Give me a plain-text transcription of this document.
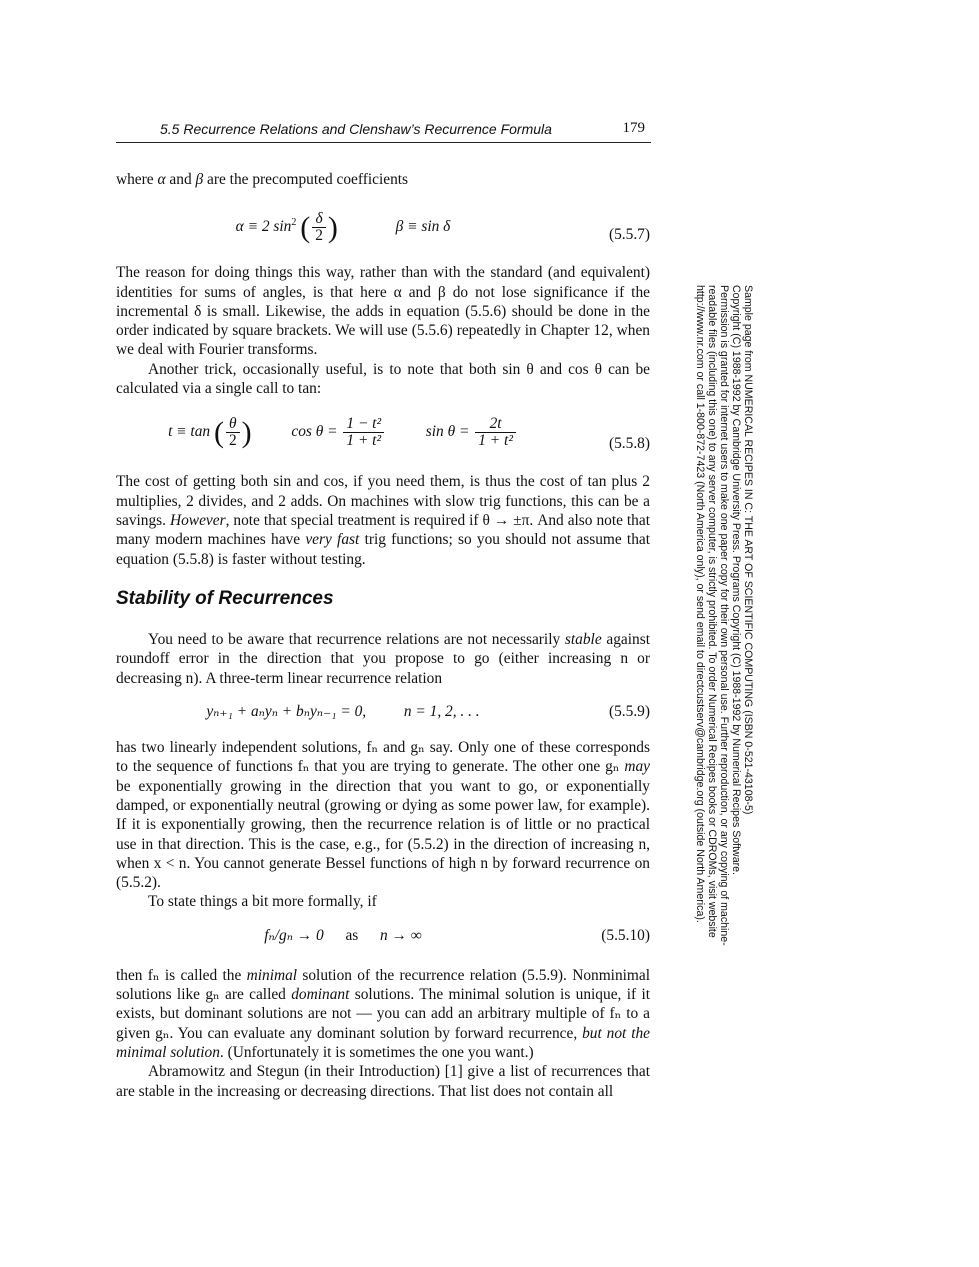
5.5 Recurrence Relations and Clenshaw’s Recurrence Formula	179

where α and β are the precomputed coefficients

α ≡ 2 $\sin^2$ ( $\frac{\delta}{2}$ )	β ≡ sin δ	(5.5.7)

The reason for doing things this way, rather than with the standard (and equivalent) identities for sums of angles, is that here α and β do not lose significance if the incremental δ is small. Likewise, the adds in equation (5.5.6) should be done in the order indicated by square brackets. We will use (5.5.6) repeatedly in Chapter 12, when we deal with Fourier transforms.

Another trick, occasionally useful, is to note that both sin θ and cos θ can be calculated via a single call to tan:

t ≡ tan ( $\frac{\theta}{2}$ )	$\cos \theta = \frac{\text{1 − t²}}{\text{1 + t²}}$	$\sin \theta = \frac{2t}{\text{1 + t²}}$	(5.5.8)

The cost of getting both sin and cos, if you need them, is thus the cost of tan plus 2 multiplies, 2 divides, and 2 adds. On machines with slow trig functions, this can be a savings. However, note that special treatment is required if θ → ±π. And also note that many modern machines have very fast trig functions; so you should not assume that equation (5.5.8) is faster without testing.

Stability of Recurrences

You need to be aware that recurrence relations are not necessarily stable against roundoff error in the direction that you propose to go (either increasing n or decreasing n). A three-term linear recurrence relation

yₙ₊₁ + aₙyₙ + bₙyₙ₋₁ = 0, n = 1, 2, . . .	(5.5.9)

has two linearly independent solutions, fₙ and gₙ say. Only one of these corresponds to the sequence of functions fₙ that you are trying to generate. The other one gₙ may be exponentially growing in the direction that you want to go, or exponentially damped, or exponentially neutral (growing or dying as some power law, for example). If it is exponentially growing, then the recurrence relation is of little or no practical use in that direction. This is the case, e.g., for (5.5.2) in the direction of increasing n, when x < n. You cannot generate Bessel functions of high n by forward recurrence on (5.5.2).

To state things a bit more formally, if

fₙ/gₙ → 0 as n → ∞	(5.5.10)

then fₙ is called the minimal solution of the recurrence relation (5.5.9). Nonminimal solutions like gₙ are called dominant solutions. The minimal solution is unique, if it exists, but dominant solutions are not — you can add an arbitrary multiple of fₙ to a given gₙ. You can evaluate any dominant solution by forward recurrence, but not the minimal solution. (Unfortunately it is sometimes the one you want.)

Abramowitz and Stegun (in their Introduction) [1] give a list of recurrences that are stable in the increasing or decreasing directions. That list does not contain all

Sample page from NUMERICAL RECIPES IN C: THE ART OF SCIENTIFIC COMPUTING (ISBN 0-521-43108-5)
Copyright (C) 1988-1992 by Cambridge University Press. Programs Copyright (C) 1988-1992 by Numerical Recipes Software.
Permission is granted for internet users to make one paper copy for their own personal use. Further reproduction, or any copying of machine-
readable files (including this one) to any server computer, is strictly prohibited. To order Numerical Recipes books or CDROMs, visit website
http://www.nr.com or call 1-800-872-7423 (North America only), or send email to directcustserv@cambridge.org (outside North America).
